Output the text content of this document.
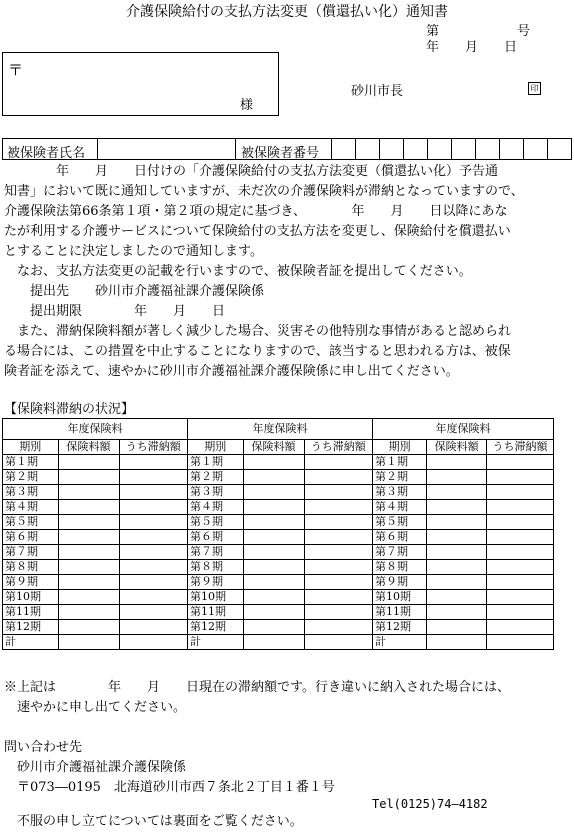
介護保険給付の支払方法変更（償還払い化）通知書
第　　　　　　号
年　　月　　日
〒
様
砂川市長	印
被保険者氏名	被保険者番号
　　　　年　　月　　日付けの「介護保険給付の支払方法変更（償還払い化）予告通
知書」において既に通知していますが、未だ次の介護保険料が滞納となっていますので、
介護保険法第66条第１項・第２項の規定に基づき、　　　　年　　月　　日以降にあな
たが利用する介護サービスについて保険給付の支払方法を変更し、保険給付を償還払い
とすることに決定しましたので通知します。
　なお、支払方法変更の記載を行いますので、被保険者証を提出してください。
　　提出先　　砂川市介護福祉課介護保険係
　　提出期限　　　　年　　月　　日
　また、滞納保険料額が著しく減少した場合、災害その他特別な事情があると認められ
る場合には、この措置を中止することになりますので、該当すると思われる方は、被保
険者証を添えて、速やかに砂川市介護福祉課介護保険係に申し出てください。
【保険料滞納の状況】
年度保険料		
期別	保険料額	うち滞納額
第１期		
第２期		
第３期		
第４期		
第５期		
第６期		
第７期		
第８期		
第９期		
第10期		
第11期		
第12期		
計		
年度保険料		
期別	保険料額	うち滞納額
第１期		
第２期		
第３期		
第４期		
第５期		
第６期		
第７期		
第８期		
第９期		
第10期		
第11期		
第12期		
計		
年度保険料		
期別	保険料額	うち滞納額
第１期		
第２期		
第３期		
第４期		
第５期		
第６期		
第７期		
第８期		
第９期		
第10期		
第11期		
第12期		
計		
※上記は　　　　年　　月　　日現在の滞納額です。行き違いに納入された場合には、
　速やかに申し出てください。
問い合わせ先
　砂川市介護福祉課介護保険係
　〒073―0195　北海道砂川市西７条北２丁目１番１号
Tel(0125)74―4182
　不服の申し立てについては裏面をご覧ください。
